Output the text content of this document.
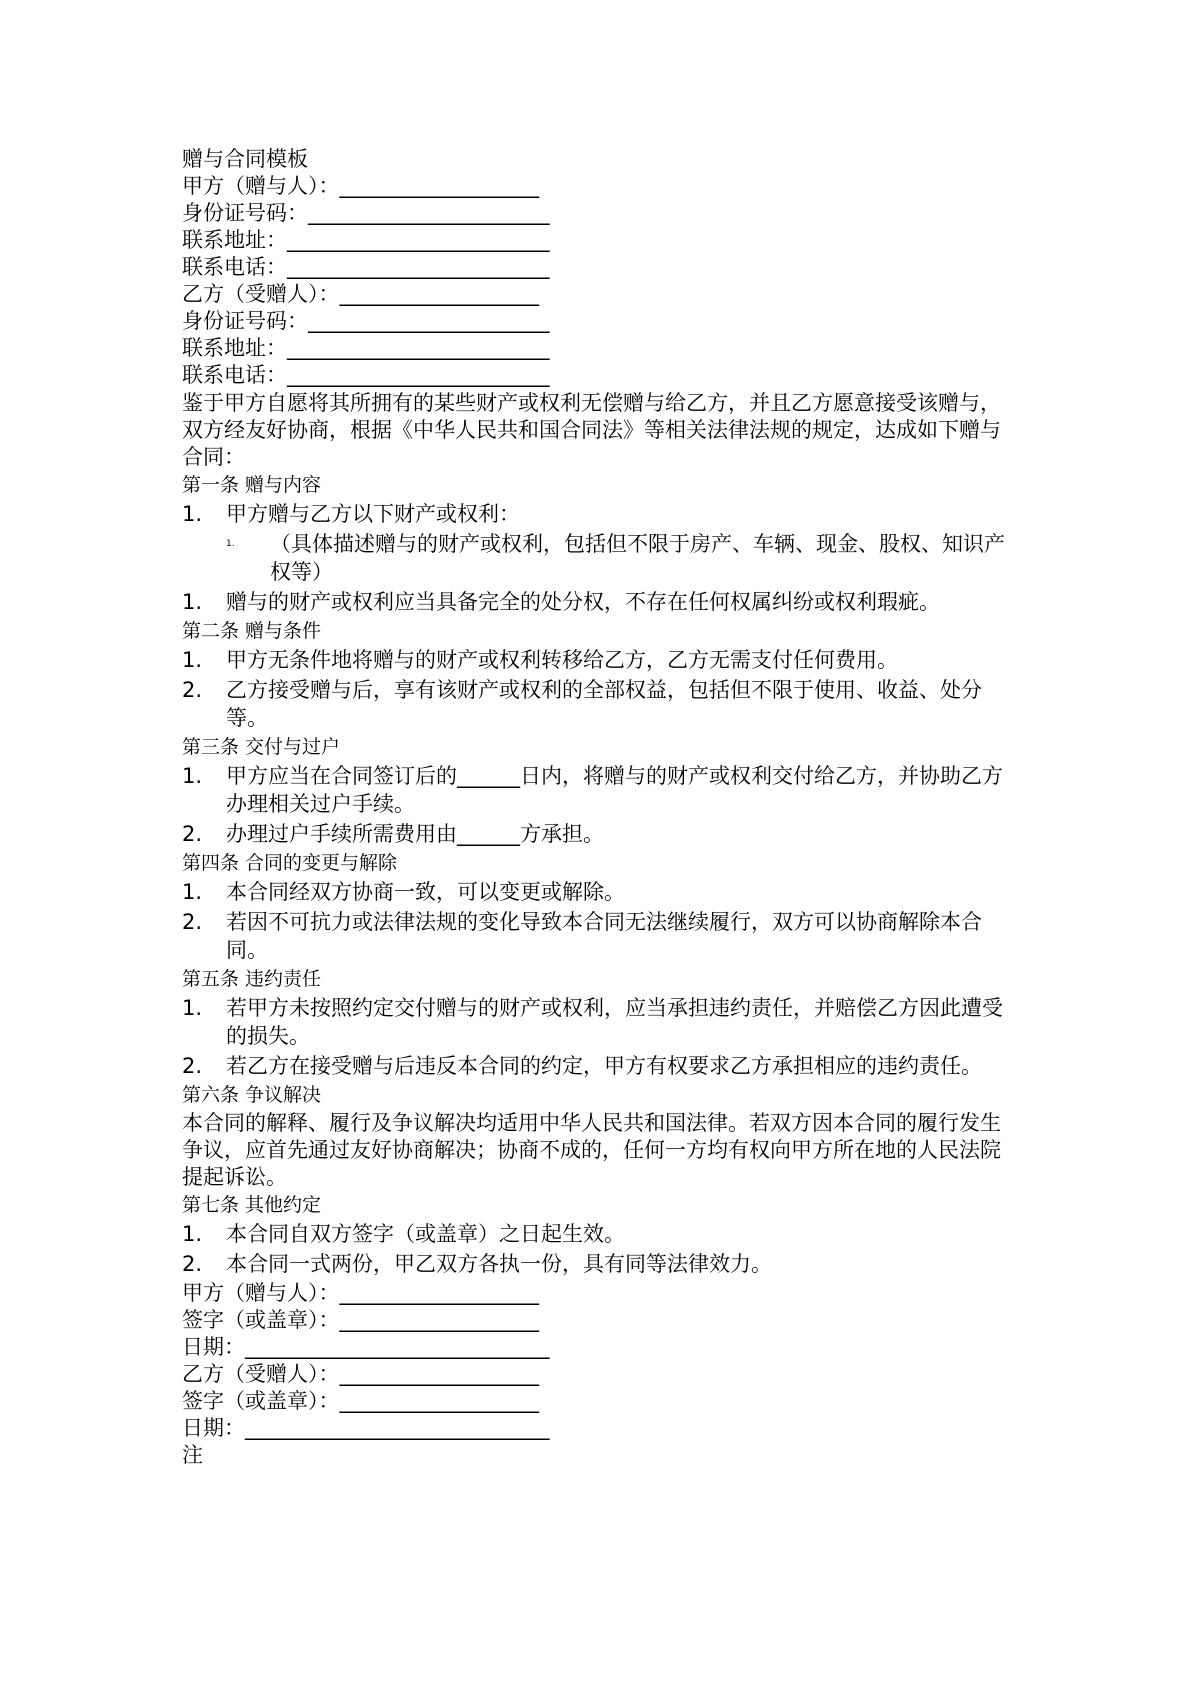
赠与合同模板
甲方（赠与人）：___________________
身份证号码：_______________________
联系地址：_________________________
联系电话：_________________________
乙方（受赠人）：___________________
身份证号码：_______________________
联系地址：_________________________
联系电话：_________________________
鉴于甲方自愿将其所拥有的某些财产或权利无偿赠与给乙方，并且乙方愿意接受该赠与，双方经友好协商，根据《中华人民共和国合同法》等相关法律法规的规定，达成如下赠与合同：
第一条 赠与内容
1.	甲方赠与乙方以下财产或权利：
1. （具体描述赠与的财产或权利，包括但不限于房产、车辆、现金、股权、知识产权等）
1.	赠与的财产或权利应当具备完全的处分权，不存在任何权属纠纷或权利瑕疵。
第二条 赠与条件
1.	甲方无条件地将赠与的财产或权利转移给乙方，乙方无需支付任何费用。
2.	乙方接受赠与后，享有该财产或权利的全部权益，包括但不限于使用、收益、处分等。
第三条 交付与过户
1.	甲方应当在合同签订后的______日内，将赠与的财产或权利交付给乙方，并协助乙方办理相关过户手续。
2.	办理过户手续所需费用由______方承担。
第四条 合同的变更与解除
1.	本合同经双方协商一致，可以变更或解除。
2.	若因不可抗力或法律法规的变化导致本合同无法继续履行，双方可以协商解除本合同。
第五条 违约责任
1.	若甲方未按照约定交付赠与的财产或权利，应当承担违约责任，并赔偿乙方因此遭受的损失。
2.	若乙方在接受赠与后违反本合同的约定，甲方有权要求乙方承担相应的违约责任。
第六条 争议解决
本合同的解释、履行及争议解决均适用中华人民共和国法律。若双方因本合同的履行发生争议，应首先通过友好协商解决；协商不成的，任何一方均有权向甲方所在地的人民法院提起诉讼。
第七条 其他约定
1.	本合同自双方签字（或盖章）之日起生效。
2.	本合同一式两份，甲乙双方各执一份，具有同等法律效力。
甲方（赠与人）：___________________
签字（或盖章）：___________________
日期：_____________________________
乙方（受赠人）：___________________
签字（或盖章）：___________________
日期：_____________________________
注
